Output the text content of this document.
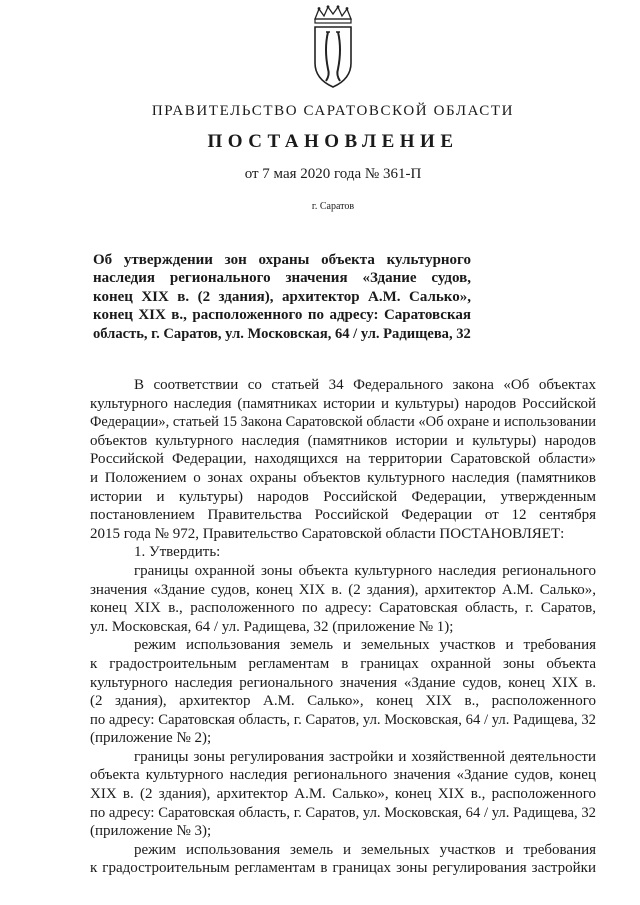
ПРАВИТЕЛЬСТВО САРАТОВСКОЙ ОБЛАСТИ
ПОСТАНОВЛЕНИЕ
от 7 мая 2020 года № 361-П
г. Саратов
Об утверждении зон охраны объекта культурного
наследия регионального значения «Здание судов,
конец XIX в. (2 здания), архитектор А.М. Салько»,
конец XIX в., расположенного по адресу: Саратовская
область, г. Саратов, ул. Московская, 64 / ул. Радищева, 32
В соответствии со статьей 34 Федерального закона «Об объектах
культурного наследия (памятниках истории и культуры) народов Российской
Федерации», статьей 15 Закона Саратовской области «Об охране и использовании
объектов культурного наследия (памятников истории и культуры) народов
Российской Федерации, находящихся на территории Саратовской области»
и Положением о зонах охраны объектов культурного наследия (памятников
истории и культуры) народов Российской Федерации, утвержденным
постановлением Правительства Российской Федерации от 12 сентября
2015 года № 972, Правительство Саратовской области ПОСТАНОВЛЯЕТ:
1. Утвердить:
границы охранной зоны объекта культурного наследия регионального
значения «Здание судов, конец XIX в. (2 здания), архитектор А.М. Салько»,
конец XIX в., расположенного по адресу: Саратовская область, г. Саратов,
ул. Московская, 64 / ул. Радищева, 32 (приложение № 1);
режим использования земель и земельных участков и требования
к градостроительным регламентам в границах охранной зоны объекта
культурного наследия регионального значения «Здание судов, конец XIX в.
(2 здания), архитектор А.М. Салько», конец XIX в., расположенного
по адресу: Саратовская область, г. Саратов, ул. Московская, 64 / ул. Радищева, 32
(приложение № 2);
границы зоны регулирования застройки и хозяйственной деятельности
объекта культурного наследия регионального значения «Здание судов, конец
XIX в. (2 здания), архитектор А.М. Салько», конец XIX в., расположенного
по адресу: Саратовская область, г. Саратов, ул. Московская, 64 / ул. Радищева, 32
(приложение № 3);
режим использования земель и земельных участков и требования
к градостроительным регламентам в границах зоны регулирования застройки
